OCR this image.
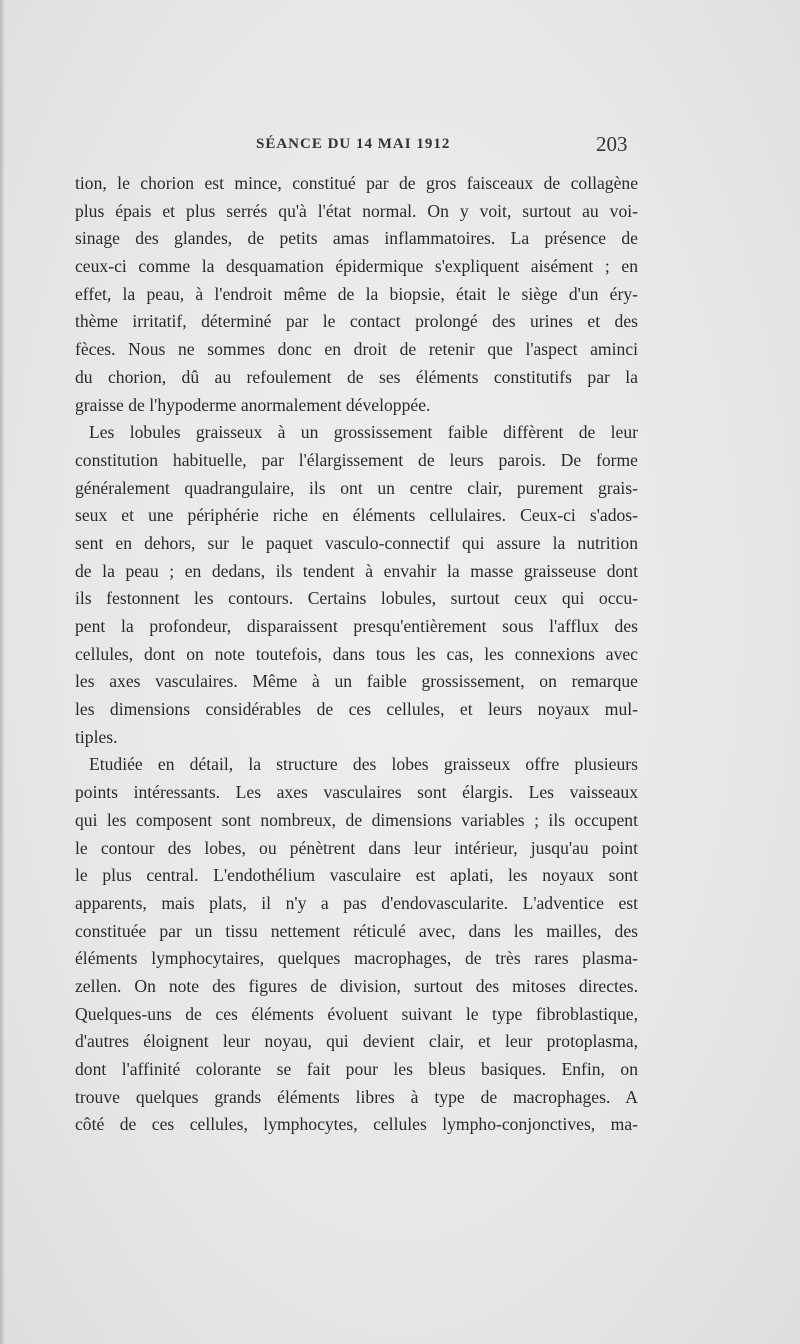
SÉANCE DU 14 MAI 1912	203
tion, le chorion est mince, constitué par de gros faisceaux de collagène
plus épais et plus serrés qu'à l'état normal. On y voit, surtout au voi-
sinage des glandes, de petits amas inflammatoires. La présence de
ceux-ci comme la desquamation épidermique s'expliquent aisément ; en
effet, la peau, à l'endroit même de la biopsie, était le siège d'un éry-
thème irritatif, déterminé par le contact prolongé des urines et des
fèces. Nous ne sommes donc en droit de retenir que l'aspect aminci
du chorion, dû au refoulement de ses éléments constitutifs par la
graisse de l'hypoderme anormalement développée.
Les lobules graisseux à un grossissement faible diffèrent de leur
constitution habituelle, par l'élargissement de leurs parois. De forme
généralement quadrangulaire, ils ont un centre clair, purement grais-
seux et une périphérie riche en éléments cellulaires. Ceux-ci s'ados-
sent en dehors, sur le paquet vasculo-connectif qui assure la nutrition
de la peau ; en dedans, ils tendent à envahir la masse graisseuse dont
ils festonnent les contours. Certains lobules, surtout ceux qui occu-
pent la profondeur, disparaissent presqu'entièrement sous l'afflux des
cellules, dont on note toutefois, dans tous les cas, les connexions avec
les axes vasculaires. Même à un faible grossissement, on remarque
les dimensions considérables de ces cellules, et leurs noyaux mul-
tiples.
Etudiée en détail, la structure des lobes graisseux offre plusieurs
points intéressants. Les axes vasculaires sont élargis. Les vaisseaux
qui les composent sont nombreux, de dimensions variables ; ils occupent
le contour des lobes, ou pénètrent dans leur intérieur, jusqu'au point
le plus central. L'endothélium vasculaire est aplati, les noyaux sont
apparents, mais plats, il n'y a pas d'endovascularite. L'adventice est
constituée par un tissu nettement réticulé avec, dans les mailles, des
éléments lymphocytaires, quelques macrophages, de très rares plasma-
zellen. On note des figures de division, surtout des mitoses directes.
Quelques-uns de ces éléments évoluent suivant le type fibroblastique,
d'autres éloignent leur noyau, qui devient clair, et leur protoplasma,
dont l'affinité colorante se fait pour les bleus basiques. Enfin, on
trouve quelques grands éléments libres à type de macrophages. A
côté de ces cellules, lymphocytes, cellules lympho-conjonctives, ma-
